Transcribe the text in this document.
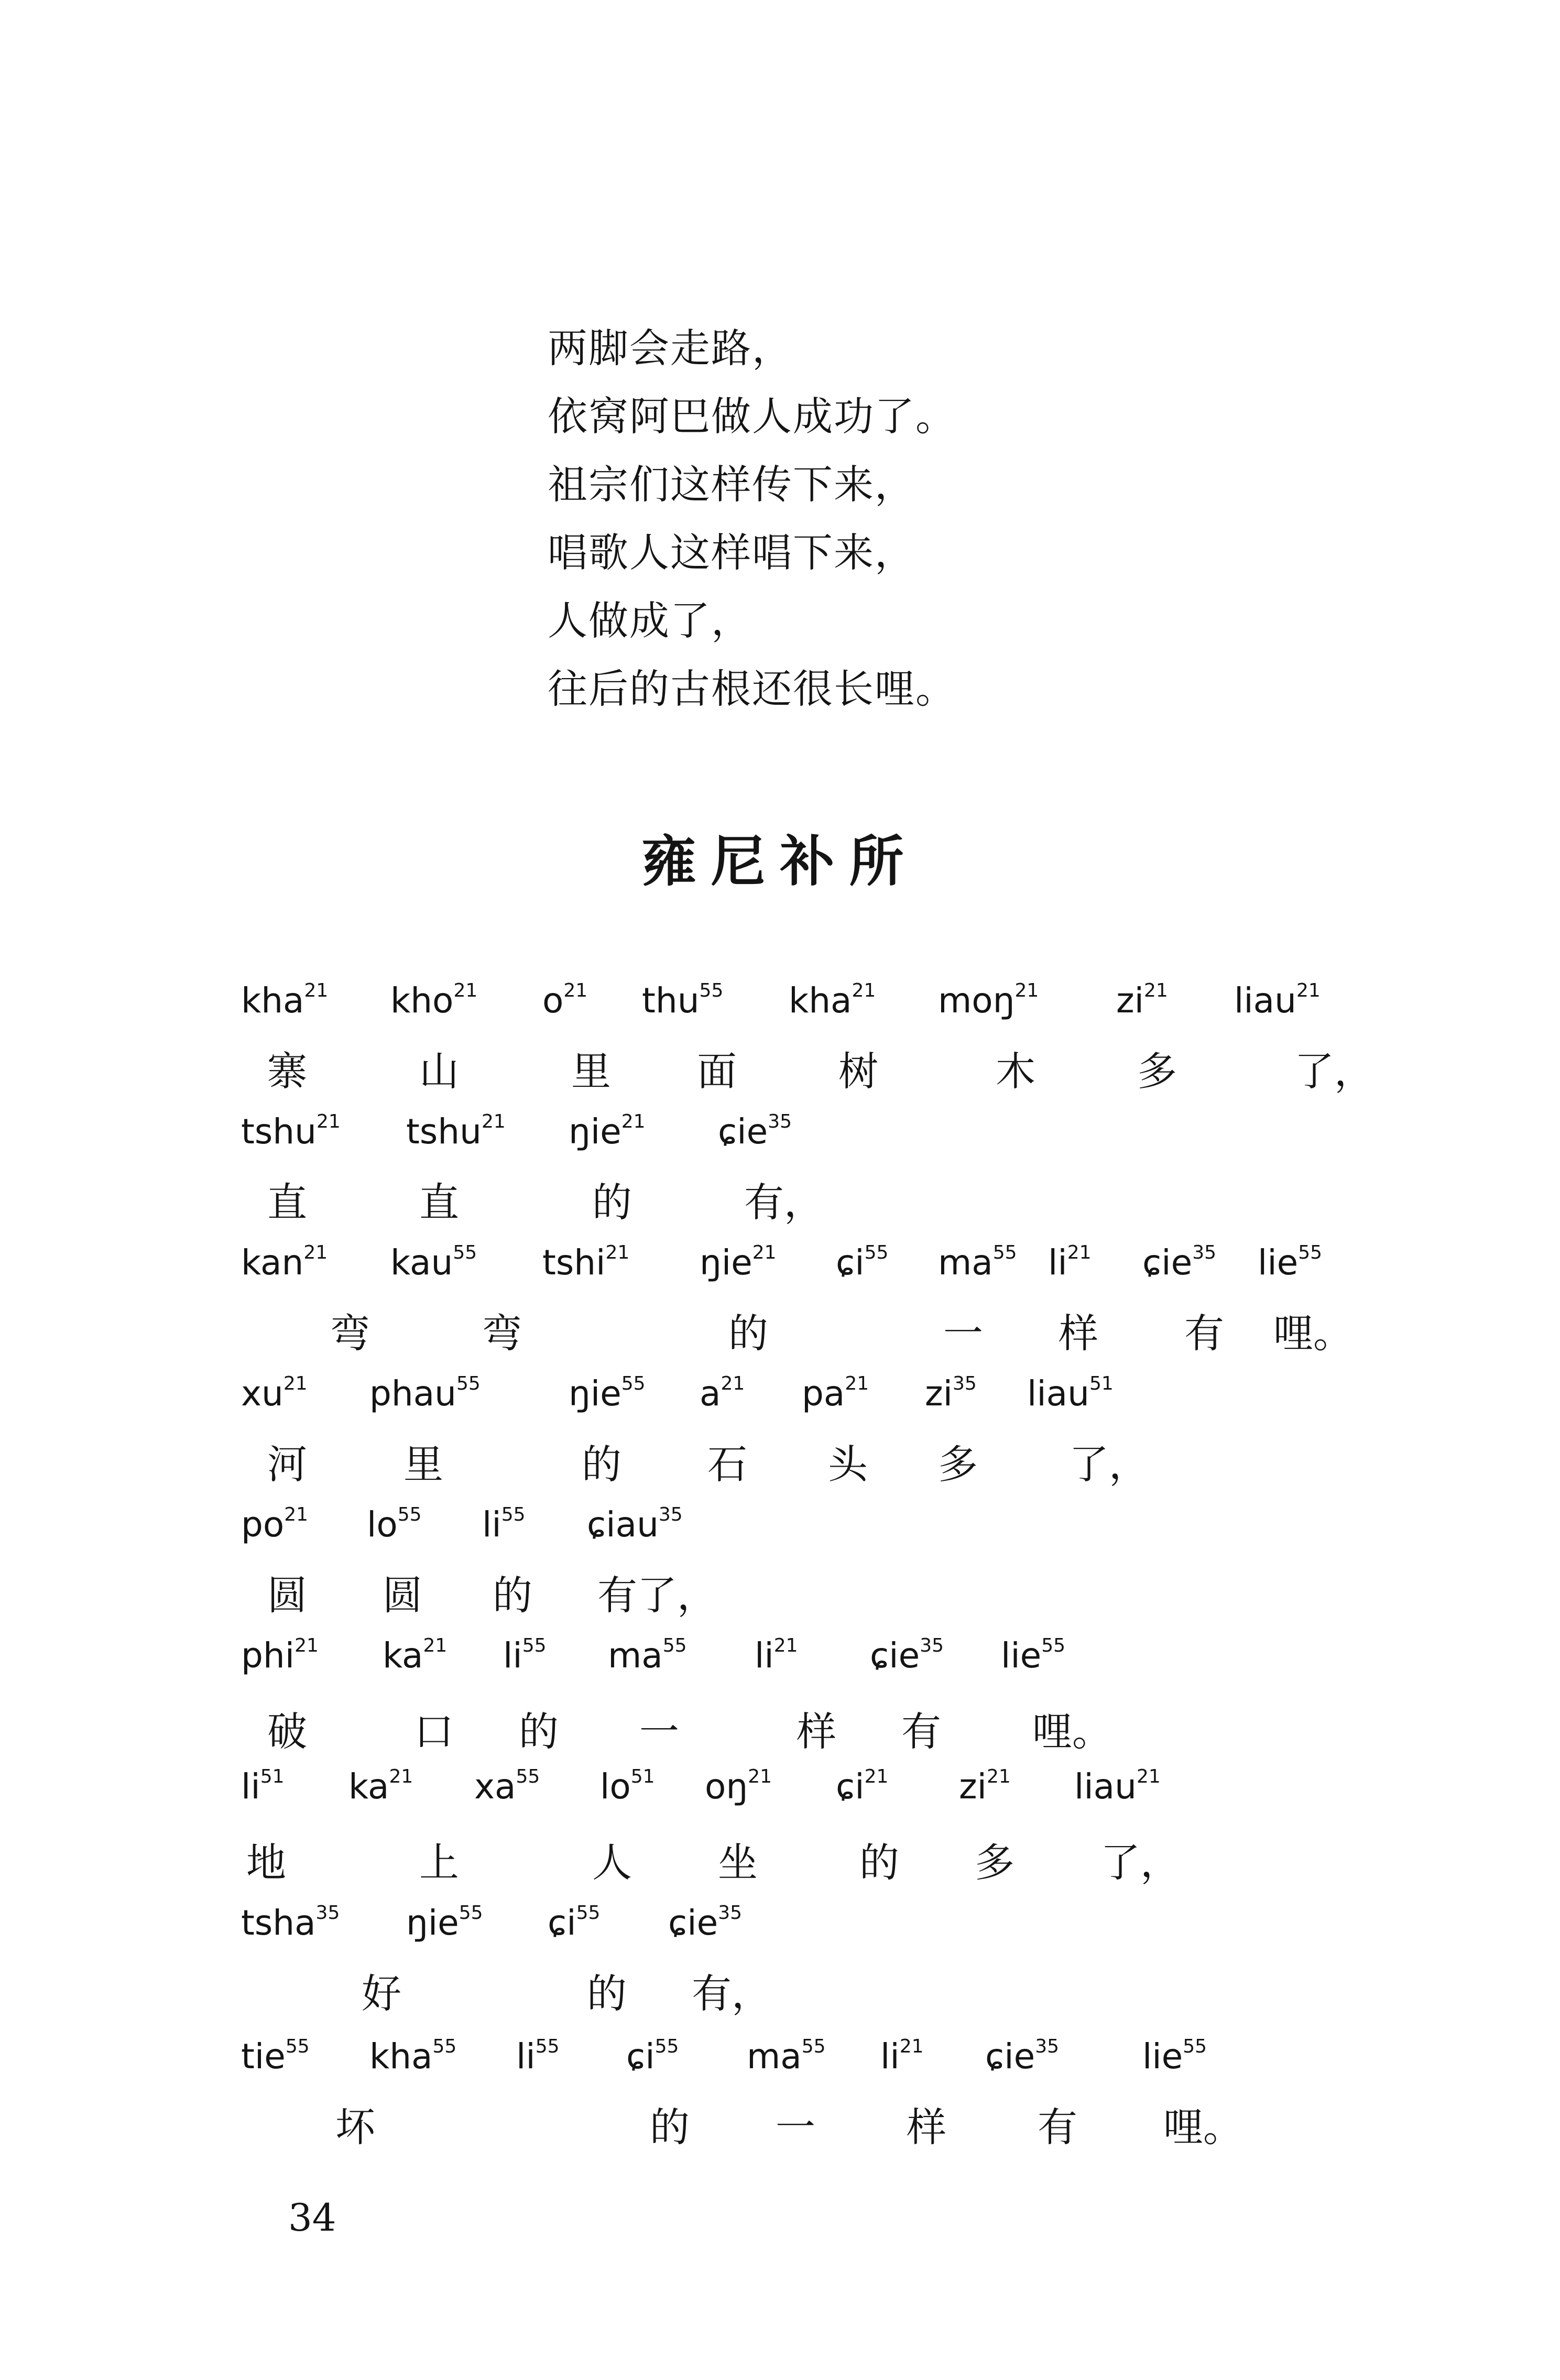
两脚会走路，
依窝阿巴做人成功了。
祖宗们这样传下来，
唱歌人这样唱下来，
人做成了，
往后的古根还很长哩。
雍尼补所
kha$^{21}$ kho$^{21}$ $o^{21}$ thu$^{55}$ kha$^{21}$ moŋ$^{21}$ $zi^{21}$ liau$^{21}$
寨	山	里 面	树	木	多	了，
tshu$^{21}$ tshu$^{21}$ ŋie$^{21}$ ɕie$^{35}$
直	直	的	有，
kan$^{21}$ kau$^{55}$ tshi$^{21}$ ŋie$^{21}$ ɕi$^{55}$ $ma^{55}$ $li^{21}$ ɕie$^{35}$ lie$^{55}$
弯	弯	的	一 样 有 哩。
$xu^{21}$ phau$^{55}$	ŋie$^{55}$ $a^{21}$ $pa^{21}$ $zi^{35}$ liau$^{51}$
河 里	的 石 头 多 了，
$po^{21}$ $lo^{55}$ $li^{55}$ ɕiau$^{35}$
圆 圆 的 有了，
phi$^{21}$ $ka^{21}$ $li^{55}$ $ma^{55}$ $li^{21}$ ɕie$^{35}$ lie$^{55}$
破	口 的 一	样 有 哩。
$li^{51}$ $ka^{21}$ $xa^{55}$ $lo^{51}$ $oŋ^{21}$ ɕi$^{21}$ $zi^{21}$ liau$^{21}$
地	上	人 坐	的 多 了，
tsha$^{35}$ ŋie$^{55}$ ɕi$^{55}$ ɕie$^{35}$
好	的 有，
tie$^{55}$ kha$^{55}$ $li^{55}$ ɕi$^{55}$ $ma^{55}$ $li^{21}$ ɕie$^{35}$ lie$^{55}$
坏	的 一 样 有 哩。
34
